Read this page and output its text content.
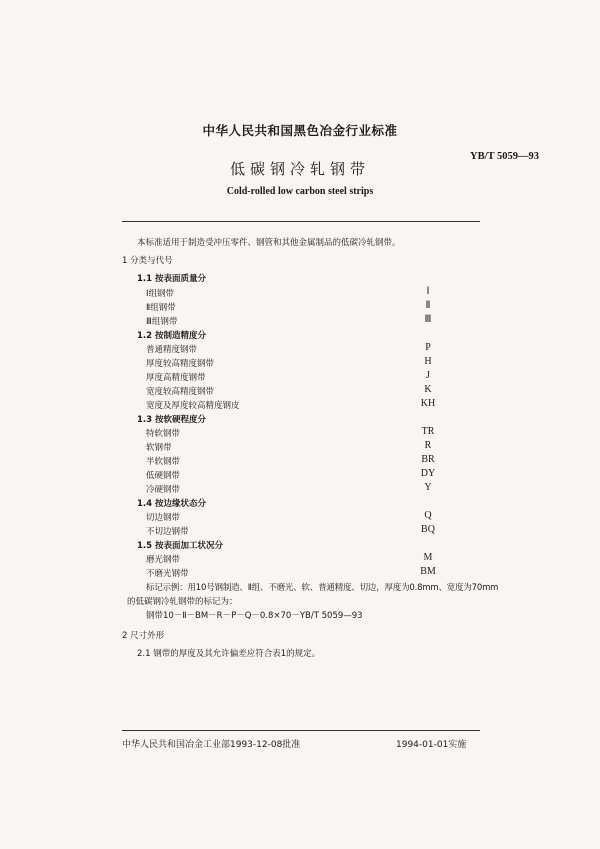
中华人民共和国黑色冶金行业标准
YB/T 5059—93
低碳钢冷轧钢带
Cold-rolled low carbon steel strips
本标准适用于制造受冲压零件、钢管和其他金属制品的低碳冷轧钢带。
1 分类与代号
1.1 按表面质量分
Ⅰ组钢带	Ⅰ
Ⅱ组钢带	Ⅱ
Ⅲ组钢带	Ⅲ
1.2 按制造精度分
普通精度钢带	P
厚度较高精度钢带	H
厚度高精度钢带	J
宽度较高精度钢带	K
宽度及厚度较高精度钢皮	KH
1.3 按软硬程度分
特软钢带	TR
软钢带	R
半软钢带	BR
低硬钢带	DY
冷硬钢带	Y
1.4 按边缘状态分
切边钢带	Q
不切边钢带	BQ
1.5 按表面加工状况分
磨光钢带	M
不磨光钢带	BM
标记示例：用10号钢制造、Ⅱ组、不磨光、软、普通精度、切边，厚度为0.8mm、宽度为70mm
的低碳钢冷轧钢带的标记为：
钢带10－Ⅱ－BM－R－P－Q－0.8×70－YB/T 5059—93
2 尺寸外形
2.1 钢带的厚度及其允许偏差应符合表1的规定。
中华人民共和国冶金工业部1993-12-08批准	1994-01-01实施
